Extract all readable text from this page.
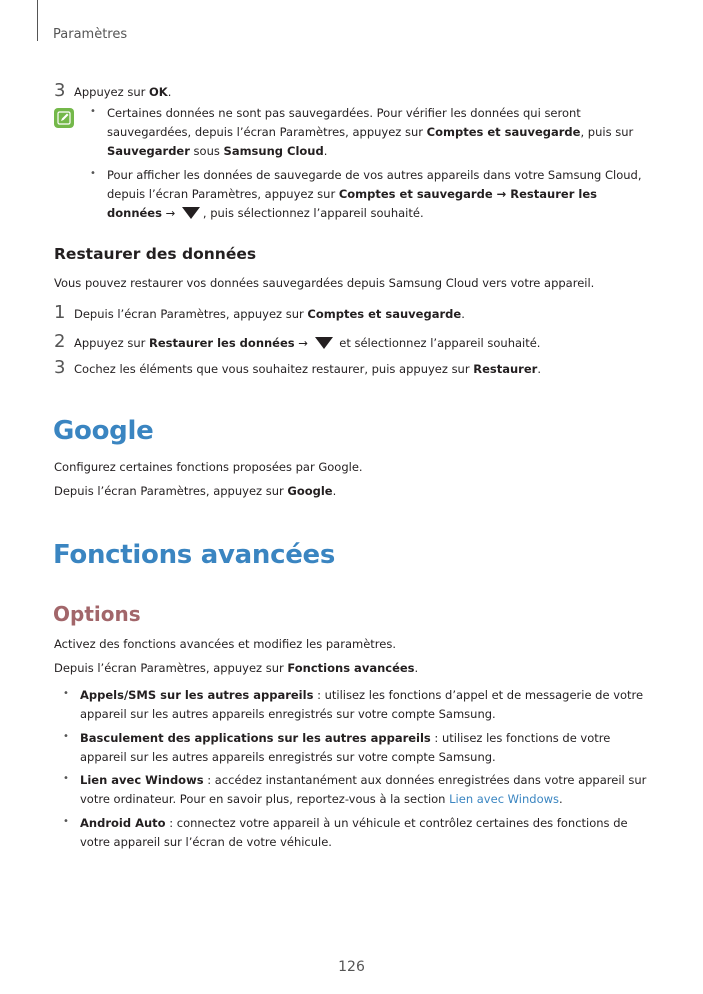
Paramètres
3 Appuyez sur OK.
• Certaines données ne sont pas sauvegardées. Pour vérifier les données qui seront sauvegardées, depuis l’écran Paramètres, appuyez sur Comptes et sauvegarde, puis sur Sauvegarder sous Samsung Cloud.
• Pour afficher les données de sauvegarde de vos autres appareils dans votre Samsung Cloud, depuis l’écran Paramètres, appuyez sur Comptes et sauvegarde → Restaurer les données → , puis sélectionnez l’appareil souhaité.
Restaurer des données
Vous pouvez restaurer vos données sauvegardées depuis Samsung Cloud vers votre appareil.
1 Depuis l’écran Paramètres, appuyez sur Comptes et sauvegarde.
2 Appuyez sur Restaurer les données →  et sélectionnez l’appareil souhaité.
3 Cochez les éléments que vous souhaitez restaurer, puis appuyez sur Restaurer.
Google
Configurez certaines fonctions proposées par Google.
Depuis l’écran Paramètres, appuyez sur Google.
Fonctions avancées
Options
Activez des fonctions avancées et modifiez les paramètres.
Depuis l’écran Paramètres, appuyez sur Fonctions avancées.
• Appels/SMS sur les autres appareils : utilisez les fonctions d’appel et de messagerie de votre appareil sur les autres appareils enregistrés sur votre compte Samsung.
• Basculement des applications sur les autres appareils : utilisez les fonctions de votre appareil sur les autres appareils enregistrés sur votre compte Samsung.
• Lien avec Windows : accédez instantanément aux données enregistrées dans votre appareil sur votre ordinateur. Pour en savoir plus, reportez-vous à la section Lien avec Windows.
• Android Auto : connectez votre appareil à un véhicule et contrôlez certaines des fonctions de votre appareil sur l’écran de votre véhicule.
126
